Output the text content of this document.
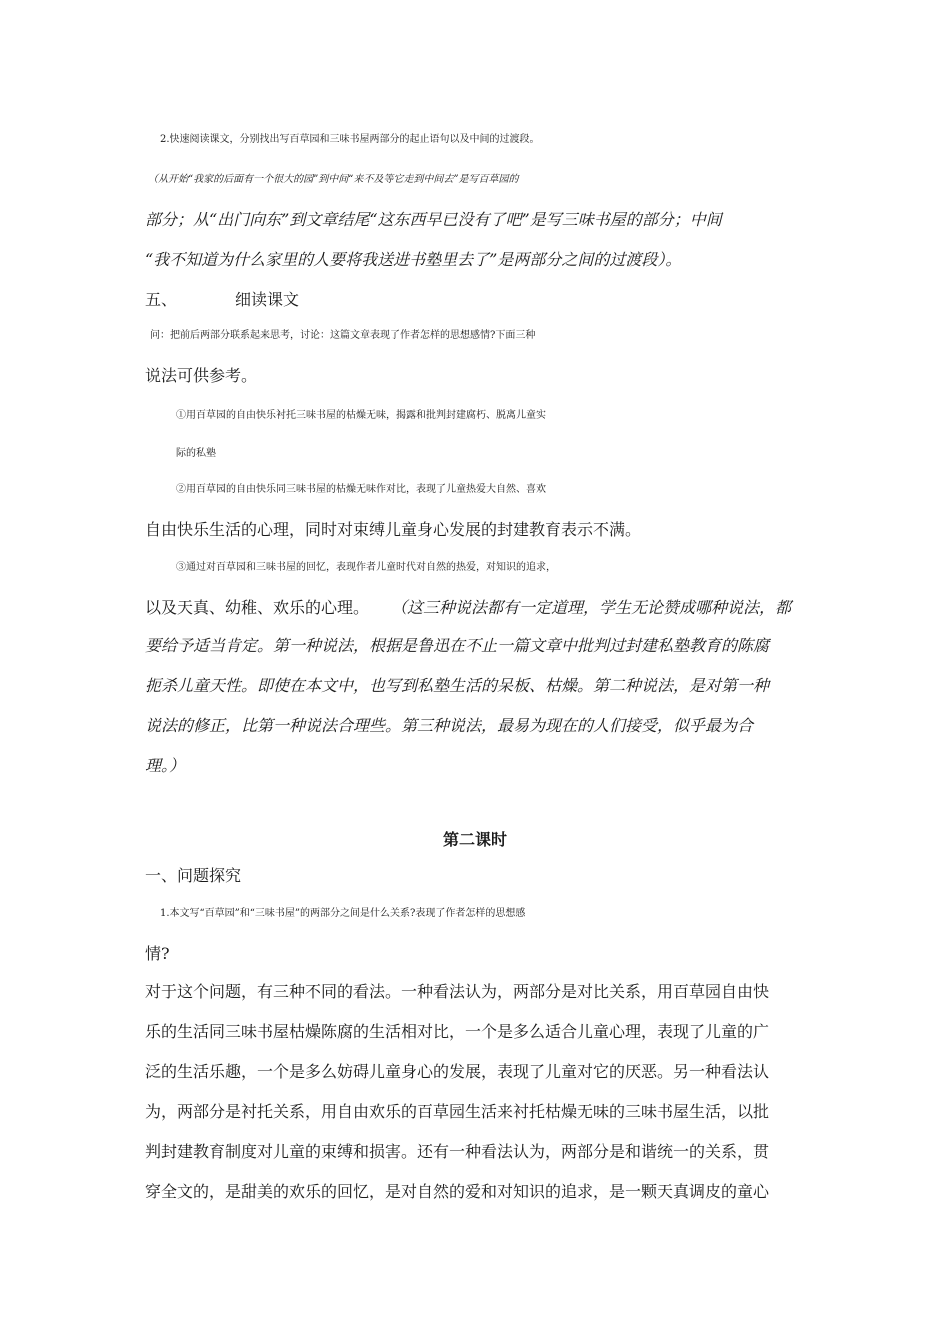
2.快速阅读课文，分别找出写百草园和三味书屋两部分的起止语句以及中间的过渡段。
（从开始“我家的后面有一个很大的园”到中间“来不及等它走到中间去”是写百草园的
部分；从“出门向东”到文章结尾“这东西早已没有了吧”是写三味书屋的部分；中间
“我不知道为什么家里的人要将我送进书塾里去了”是两部分之间的过渡段）。
五、	细读课文
问：把前后两部分联系起来思考，讨论：这篇文章表现了作者怎样的思想感情?下面三种
说法可供参考。
①用百草园的自由快乐衬托三味书屋的枯燥无味，揭露和批判封建腐朽、脱离儿童实
际的私塾
②用百草园的自由快乐同三味书屋的枯燥无味作对比，表现了儿童热爱大自然、喜欢
自由快乐生活的心理，同时对束缚儿童身心发展的封建教育表示不满。
③通过对百草园和三味书屋的回忆，表现作者儿童时代对自然的热爱，对知识的追求，
以及天真、幼稚、欢乐的心理。 （这三种说法都有一定道理，学生无论赞成哪种说法，都
要给予适当肯定。第一种说法，根据是鲁迅在不止一篇文章中批判过封建私塾教育的陈腐
扼杀儿童天性。即使在本文中，也写到私塾生活的呆板、枯燥。第二种说法，是对第一种
说法的修正，比第一种说法合理些。第三种说法，最易为现在的人们接受，似乎最为合
理。）
第二课时
一、问题探究
1.本文写“百草园”和“三味书屋”的两部分之间是什么关系?表现了作者怎样的思想感
情?
对于这个问题，有三种不同的看法。一种看法认为，两部分是对比关系，用百草园自由快
乐的生活同三味书屋枯燥陈腐的生活相对比，一个是多么适合儿童心理，表现了儿童的广
泛的生活乐趣，一个是多么妨碍儿童身心的发展，表现了儿童对它的厌恶。另一种看法认
为，两部分是衬托关系，用自由欢乐的百草园生活来衬托枯燥无味的三味书屋生活，以批
判封建教育制度对儿童的束缚和损害。还有一种看法认为，两部分是和谐统一的关系，贯
穿全文的，是甜美的欢乐的回忆，是对自然的爱和对知识的追求，是一颗天真调皮的童心
